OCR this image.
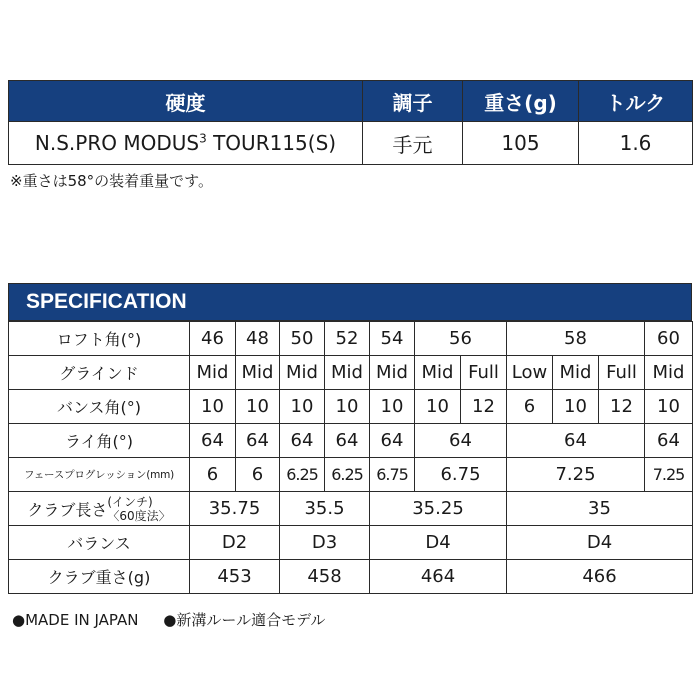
硬度	調子	重さ(g)	トルク
N.S.PRO MODUS$^3$ TOUR115(S)	手元	105	1.6
※重さは58°の装着重量です。
SPECIFICATION
ロフト角(°)	46	48	50	52	54	56		58			60
グラインド	Mid	Mid	Mid	Mid	Mid	Mid	Full	Low	Mid	Full	Mid
バンス角(°)	10	10	10	10	10	10	12	6	10	12	10
ライ角(°)	64	64	64	64	64	64		64			64
フェースプログレッション(mm)	6	6	6.25	6.25	6.75	6.75		7.25			7.25
クラブ長さ(インチ)
〈60度法〉	35.75		35.5		35.25			35			
バランス	D2		D3		D4			D4			
クラブ重さ(g)	453		458		464			466			
●MADE IN JAPAN ●新溝ルール適合モデル
